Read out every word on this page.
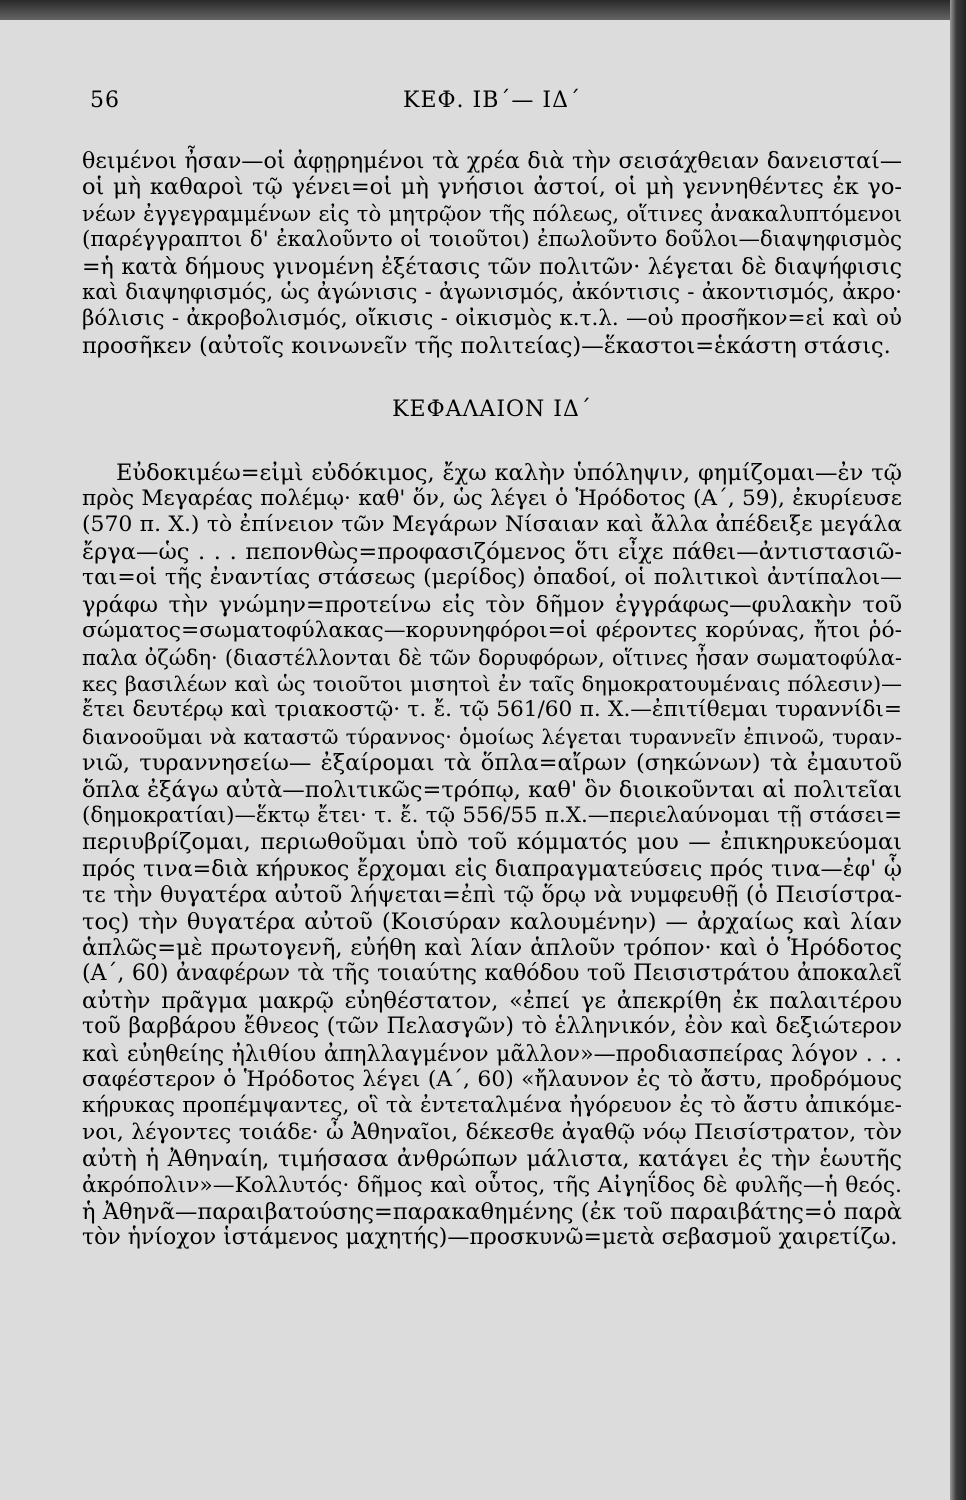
56	ΚΕΦ. ΙΒ΄— ΙΔ΄

θειμένοι ἦσαν—οἱ ἀφῃρημένοι τὰ χρέα διὰ τὴν σεισάχθειαν δανεισταί—
οἱ μὴ καθαροὶ τῷ γένει=οἱ μὴ γνήσιοι ἀστοί, οἱ μὴ γεννηθέντες ἐκ γο-
νέων ἐγγεγραμμένων εἰς τὸ μητρῷον τῆς πόλεως, οἵτινες ἀνακαλυπτόμενοι
(παρέγγραπτοι δ' ἐκαλοῦντο οἱ τοιοῦτοι) ἐπωλοῦντο δοῦλοι—διαψηφισμὸς
=ἡ κατὰ δήμους γινομένη ἐξέτασις τῶν πολιτῶν· λέγεται δὲ διαψήφισις
καὶ διαψηφισμός, ὡς ἀγώνισις - ἀγωνισμός, ἀκόντισις - ἀκοντισμός, ἀκρο·
βόλισις - ἀκροβολισμός, οἴκισις - οἰκισμὸς κ.τ.λ. —οὐ προσῆκον=εἰ καὶ οὐ
προσῆκεν (αὐτοῖς κοινωνεῖν τῆς πολιτείας)—ἕκαστοι=ἑκάστη στάσις.

ΚΕΦΑΛΑΙΟΝ ΙΔ΄

Εὐδοκιμέω=εἰμὶ εὐδόκιμος, ἔχω καλὴν ὑπόληψιν, φημίζομαι—ἐν τῷ
πρὸς Μεγαρέας πολέμῳ· καθ' ὅν, ὡς λέγει ὁ Ἡρόδοτος (Α΄, 59), ἐκυρίευσε
(570 π. Χ.) τὸ ἐπίνειον τῶν Μεγάρων Νίσαιαν καὶ ἄλλα ἀπέδειξε μεγάλα
ἔργα—ὡς . . . πεπονθὼς=προφασιζόμενος ὅτι εἶχε πάθει—ἀντιστασιῶ-
ται=οἱ τῆς ἐναντίας στάσεως (μερίδος) ὀπαδοί, οἱ πολιτικοὶ ἀντίπαλοι—
γράφω τὴν γνώμην=προτείνω εἰς τὸν δῆμον ἐγγράφως—φυλακὴν τοῦ
σώματος=σωματοφύλακας—κορυνηφόροι=οἱ φέροντες κορύνας, ἤτοι ῥό-
παλα ὀζώδη· (διαστέλλονται δὲ τῶν δορυφόρων, οἵτινες ἦσαν σωματοφύλα-
κες βασιλέων καὶ ὡς τοιοῦτοι μισητοὶ ἐν ταῖς δημοκρατουμέναις πόλεσιν)—
ἔτει δευτέρῳ καὶ τριακοστῷ· τ. ἔ. τῷ 561/60 π. Χ.—ἐπιτίθεμαι τυραννίδι=
διανοοῦμαι νὰ καταστῶ τύραννος· ὁμοίως λέγεται τυραννεῖν ἐπινοῶ, τυραν-
νιῶ, τυραννησείω— ἐξαίρομαι τὰ ὅπλα=αἴρων (σηκώνων) τὰ ἐμαυτοῦ
ὅπλα ἐξάγω αὐτὰ—πολιτικῶς=τρόπῳ, καθ' ὃν διοικοῦνται αἱ πολιτεῖαι
(δημοκρατίαι)—ἕκτῳ ἔτει· τ. ἔ. τῷ 556/55 π.Χ.—περιελαύνομαι τῇ στάσει=
περιυβρίζομαι, περιωθοῦμαι ὑπὸ τοῦ κόμματός μου — ἐπικηρυκεύομαι
πρός τινα=διὰ κήρυκος ἔρχομαι εἰς διαπραγματεύσεις πρός τινα—ἐφ' ᾧ
τε τὴν θυγατέρα αὐτοῦ λήψεται=ἐπὶ τῷ ὅρῳ νὰ νυμφευθῇ (ὁ Πεισίστρα-
τος) τὴν θυγατέρα αὐτοῦ (Κοισύραν καλουμένην) — ἀρχαίως καὶ λίαν
ἁπλῶς=μὲ πρωτογενῆ, εὐήθη καὶ λίαν ἁπλοῦν τρόπον· καὶ ὁ Ἡρόδοτος
(Α΄, 60) ἀναφέρων τὰ τῆς τοιαύτης καθόδου τοῦ Πεισιστράτου ἀποκαλεῖ
αὐτὴν πρᾶγμα μακρῷ εὐηθέστατον, «ἐπεί γε ἀπεκρίθη ἐκ παλαιτέρου
τοῦ βαρβάρου ἔθνεος (τῶν Πελασγῶν) τὸ ἑλληνικόν, ἐὸν καὶ δεξιώτερον
καὶ εὐηθείης ἠλιθίου ἀπηλλαγμένον μᾶλλον»—προδιασπείρας λόγον . . .
σαφέστερον ὁ Ἡρόδοτος λέγει (Α΄, 60) «ἤλαυνον ἐς τὸ ἄστυ, προδρόμους
κήρυκας προπέμψαντες, οἳ τὰ ἐντεταλμένα ἠγόρευον ἐς τὸ ἄστυ ἀπικόμε-
νοι, λέγοντες τοιάδε· ὦ Ἀθηναῖοι, δέκεσθε ἀγαθῷ νόῳ Πεισίστρατον, τὸν
αὐτὴ ἡ Ἀθηναίη, τιμήσασα ἀνθρώπων μάλιστα, κατάγει ἐς τὴν ἑωυτῆς
ἀκρόπολιν»—Κολλυτός· δῆμος καὶ οὗτος, τῆς Αἰγηΐδος δὲ φυλῆς—ἡ θεός.
ἡ Ἀθηνᾶ—παραιβατούσης=παρακαθημένης (ἐκ τοῦ παραιβάτης=ὁ παρὰ
τὸν ἡνίοχον ἱστάμενος μαχητής)—προσκυνῶ=μετὰ σεβασμοῦ χαιρετίζω.
